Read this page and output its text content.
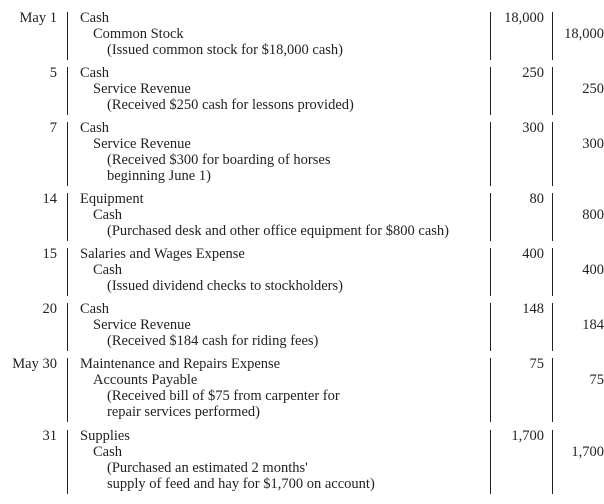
May 1 Cash
Common Stock
(Issued common stock for $18,000 cash)
18,000
18,000
5 Cash
Service Revenue
(Received $250 cash for lessons provided)
250
250
7 Cash
Service Revenue
(Received $300 for boarding of horses
beginning June 1)
300
300
14 Equipment
Cash
(Purchased desk and other office equipment for $800 cash)
80
800
15 Salaries and Wages Expense
Cash
(Issued dividend checks to stockholders)
400
400
20 Cash
Service Revenue
(Received $184 cash for riding fees)
148
184
May 30 Maintenance and Repairs Expense
Accounts Payable
(Received bill of $75 from carpenter for
repair services performed)
75
75
31 Supplies
Cash
(Purchased an estimated 2 months'
supply of feed and hay for $1,700 on account)
1,700
1,700
